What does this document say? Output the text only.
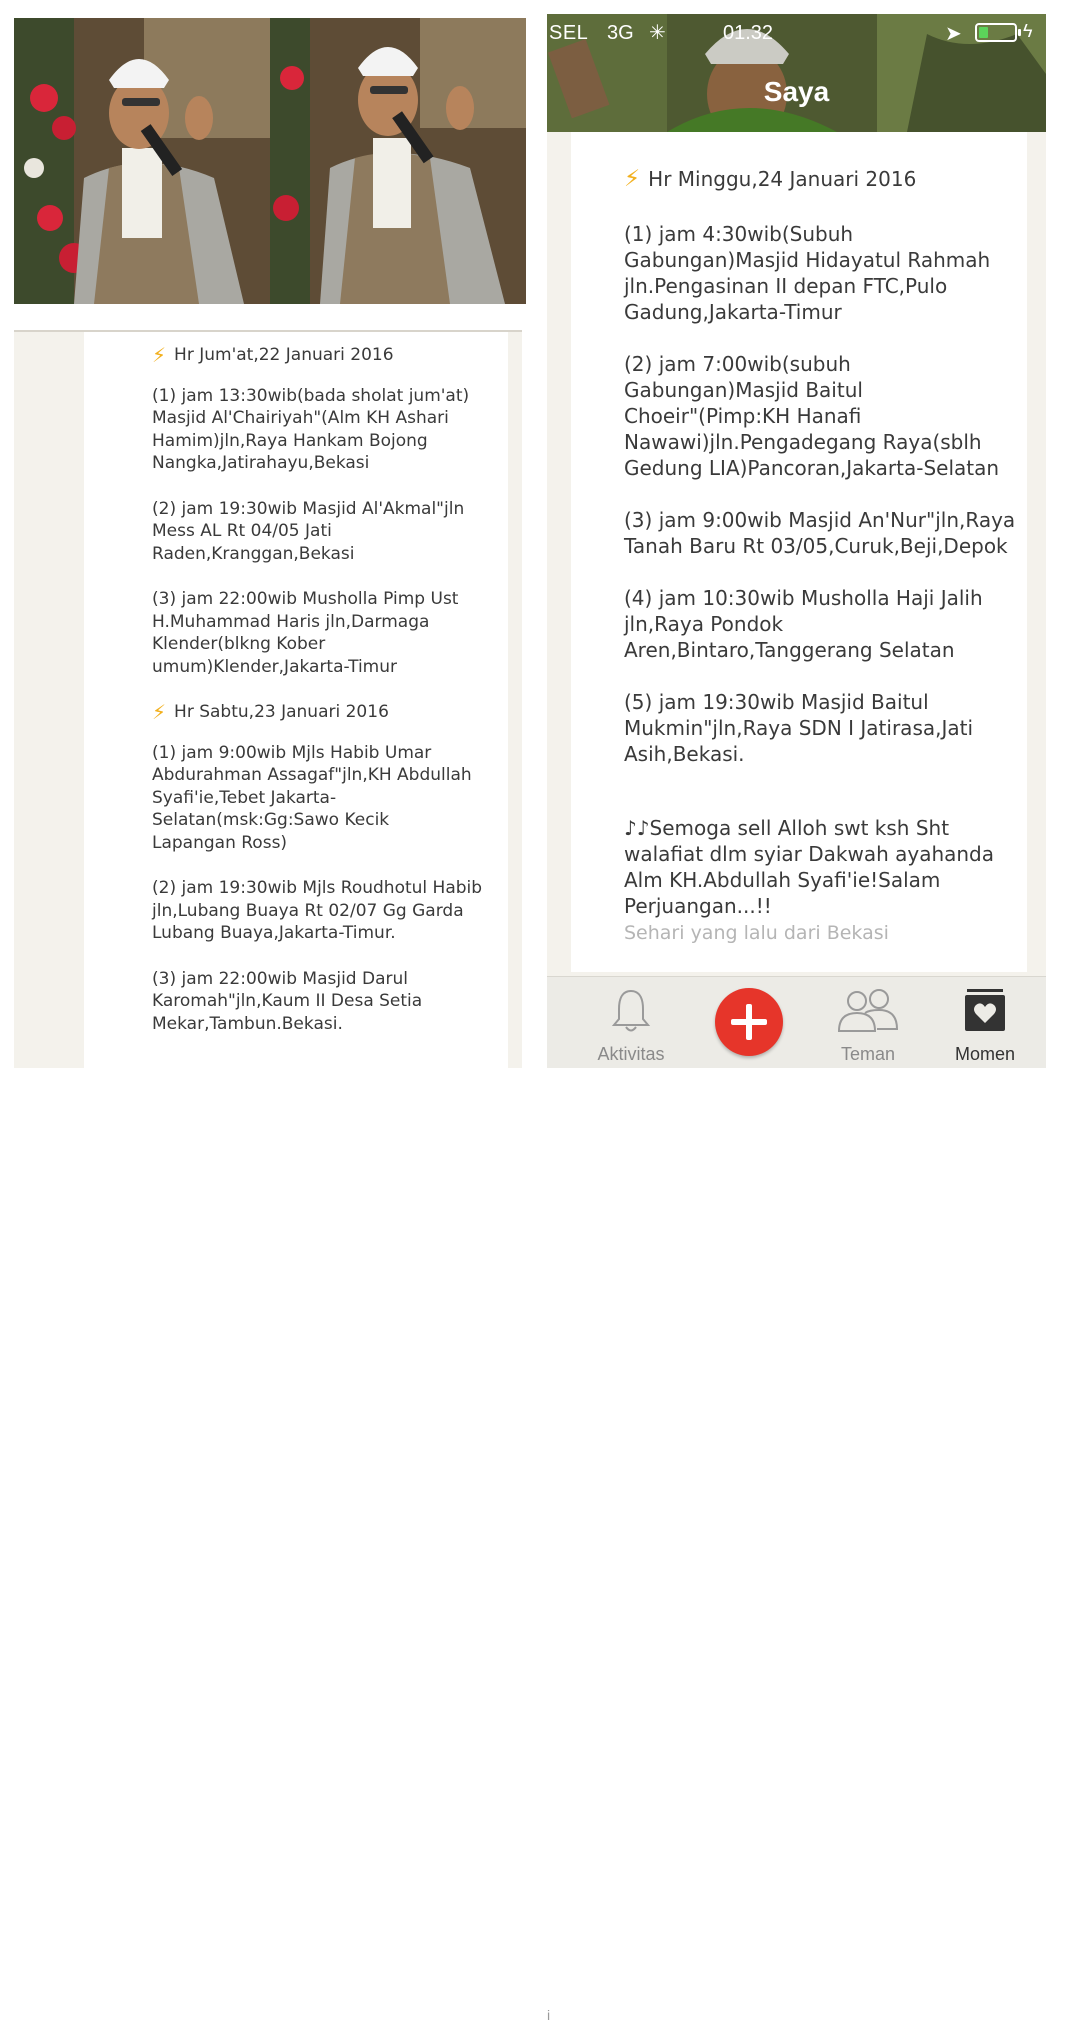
⚡ Hr Jum'at,22 Januari 2016
(1) jam 13:30wib(bada sholat jum'at)
Masjid Al'Chairiyah"(Alm KH Ashari
Hamim)jln,Raya Hankam Bojong
Nangka,Jatirahayu,Bekasi
(2) jam 19:30wib Masjid Al'Akmal"jln
Mess AL Rt 04/05 Jati
Raden,Kranggan,Bekasi
(3) jam 22:00wib Musholla Pimp Ust
H.Muhammad Haris jln,Darmaga
Klender(blkng Kober
umum)Klender,Jakarta-Timur
⚡ Hr Sabtu,23 Januari 2016
(1) jam 9:00wib Mjls Habib Umar
Abdurahman Assagaf"jln,KH Abdullah
Syafi'ie,Tebet Jakarta-
Selatan(msk:Gg:Sawo Kecik
Lapangan Ross)
(2) jam 19:30wib Mjls Roudhotul Habib
jln,Lubang Buaya Rt 02/07 Gg Garda
Lubang Buaya,Jakarta-Timur.
(3) jam 22:00wib Masjid Darul
Karomah"jln,Kaum II Desa Setia
Mekar,Tambun.Bekasi.
SEL 3G ✳	01.32	➤	ϟ
Saya
⚡ Hr Minggu,24 Januari 2016
(1) jam 4:30wib(Subuh
Gabungan)Masjid Hidayatul Rahmah
jln.Pengasinan II depan FTC,Pulo
Gadung,Jakarta-Timur
(2) jam 7:00wib(subuh
Gabungan)Masjid Baitul
Choeir"(Pimp:KH Hanafi
Nawawi)jln.Pengadegang Raya(sblh
Gedung LIA)Pancoran,Jakarta-Selatan
(3) jam 9:00wib Masjid An'Nur"jln,Raya
Tanah Baru Rt 03/05,Curuk,Beji,Depok
(4) jam 10:30wib Musholla Haji Jalih
jln,Raya Pondok
Aren,Bintaro,Tanggerang Selatan
(5) jam 19:30wib Masjid Baitul
Mukmin"jln,Raya SDN I Jatirasa,Jati
Asih,Bekasi.
♪♪Semoga sell Alloh swt ksh Sht
walafiat dlm syiar Dakwah ayahanda
Alm KH.Abdullah Syafi'ie!Salam
Perjuangan...!!
Sehari yang lalu dari Bekasi
i
Aktivitas	Teman	Momen
